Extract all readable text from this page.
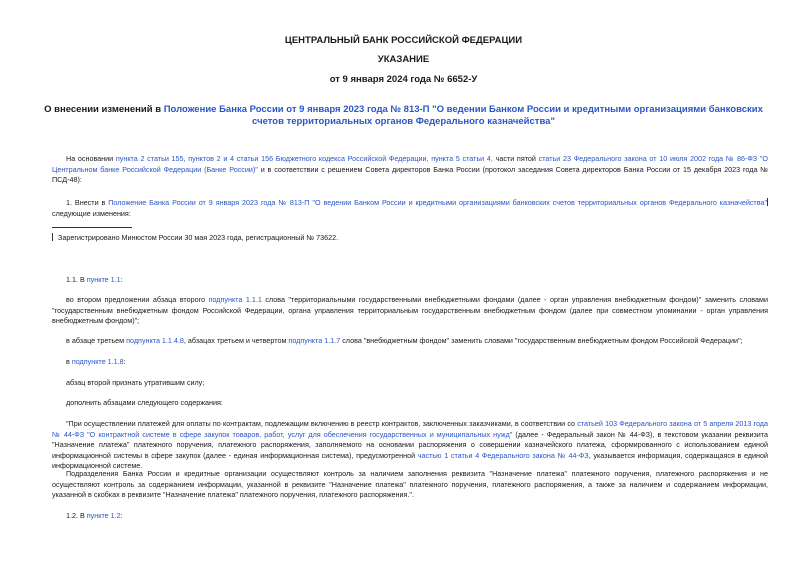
ЦЕНТРАЛЬНЫЙ БАНК РОССИЙСКОЙ ФЕДЕРАЦИИ
УКАЗАНИЕ
от 9 января 2024 года № 6652-У
О внесении изменений в Положение Банка России от 9 января 2023 года № 813-П "О ведении Банком России и кредитными организациями банковских счетов территориальных органов Федерального казначейства"
На основании пункта 2 статьи 155, пунктов 2 и 4 статьи 156 Бюджетного кодекса Российской Федерации, пункта 5 статьи 4, части пятой статьи 23 Федерального закона от 10 июля 2002 года № 86-ФЗ "О Центральном банке Российской Федерации (Банке России)" и в соответствии с решением Совета директоров Банка России (протокол заседания Совета директоров Банка России от 15 декабря 2023 года № ПСД-48):
1. Внести в Положение Банка России от 9 января 2023 года № 813-П "О ведении Банком России и кредитными организациями банковских счетов территориальных органов Федерального казначейства" следующие изменения:
Зарегистрировано Минюстом России 30 мая 2023 года, регистрационный № 73622.
1.1. В пункте 1.1:
во втором предложении абзаца второго подпункта 1.1.1 слова "территориальными государственными внебюджетными фондами (далее - орган управления внебюджетным фондом)" заменить словами "государственным внебюджетным фондом Российской Федерации, органа управления территориальным государственным внебюджетным фондом (далее при совместном упоминании - орган управления внебюджетным фондом)";
в абзаце третьем подпункта 1.1.4.8, абзацах третьем и четвертом подпункта 1.1.7 слова "внебюджетным фондом" заменить словами "государственным внебюджетным фондом Российской Федерации";
в подпункте 1.1.8:
абзац второй признать утратившим силу;
дополнить абзацами следующего содержания:
"При осуществлении платежей для оплаты по контрактам, подлежащим включению в реестр контрактов, заключенных заказчиками, в соответствии со статьей 103 Федерального закона от 5 апреля 2013 года № 44-ФЗ "О контрактной системе в сфере закупок товаров, работ, услуг для обеспечения государственных и муниципальных нужд" (далее - Федеральный закон № 44-ФЗ), в текстовом указании реквизита "Назначение платежа" платежного поручения, платежного распоряжения, заполняемого на основании распоряжения о совершении казначейского платежа, сформированного с использованием единой информационной системы в сфере закупок (далее - единая информационная система), предусмотренной частью 1 статьи 4 Федерального закона № 44-ФЗ, указывается информация, содержащаяся в единой информационной системе.
Подразделения Банка России и кредитные организации осуществляют контроль за наличием заполнения реквизита "Назначение платежа" платежного поручения, платежного распоряжения и не осуществляют контроль за содержанием информации, указанной в реквизите "Назначение платежа" платежного поручения, платежного распоряжения, а также за наличием и содержанием информации, указанной в скобках в реквизите "Назначение платежа" платежного поручения, платежного распоряжения.".
1.2. В пункте 1.2:
